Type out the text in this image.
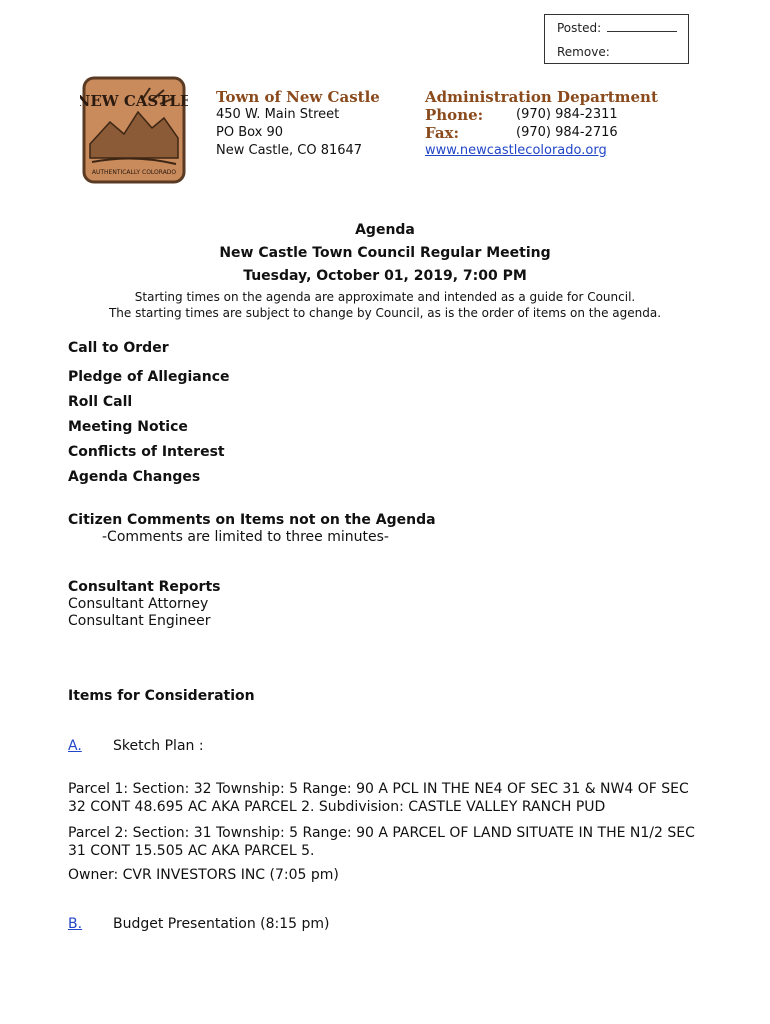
Posted:
Remove:
NEW CASTLE
AUTHENTICALLY COLORADO
Town of New Castle
450 W. Main Street
PO Box 90
New Castle, CO 81647
Administration Department
Phone:	(970) 984-2311
Fax:	(970) 984-2716
www.newcastlecolorado.org
Agenda
New Castle Town Council Regular Meeting
Tuesday, October 01, 2019, 7:00 PM
Starting times on the agenda are approximate and intended as a guide for Council.
The starting times are subject to change by Council, as is the order of items on the agenda.
Call to Order
Pledge of Allegiance
Roll Call
Meeting Notice
Conflicts of Interest
Agenda Changes
Citizen Comments on Items not on the Agenda
-Comments are limited to three minutes-
Consultant Reports
Consultant Attorney
Consultant Engineer
Items for Consideration
A. Sketch Plan :
Parcel 1: Section: 32 Township: 5 Range: 90 A PCL IN THE NE4 OF SEC 31 & NW4 OF SEC 32 CONT 48.695 AC AKA PARCEL 2. Subdivision: CASTLE VALLEY RANCH PUD
Parcel 2: Section: 31 Township: 5 Range: 90 A PARCEL OF LAND SITUATE IN THE N1/2 SEC 31 CONT 15.505 AC AKA PARCEL 5.
Owner: CVR INVESTORS INC (7:05 pm)
B. Budget Presentation (8:15 pm)
